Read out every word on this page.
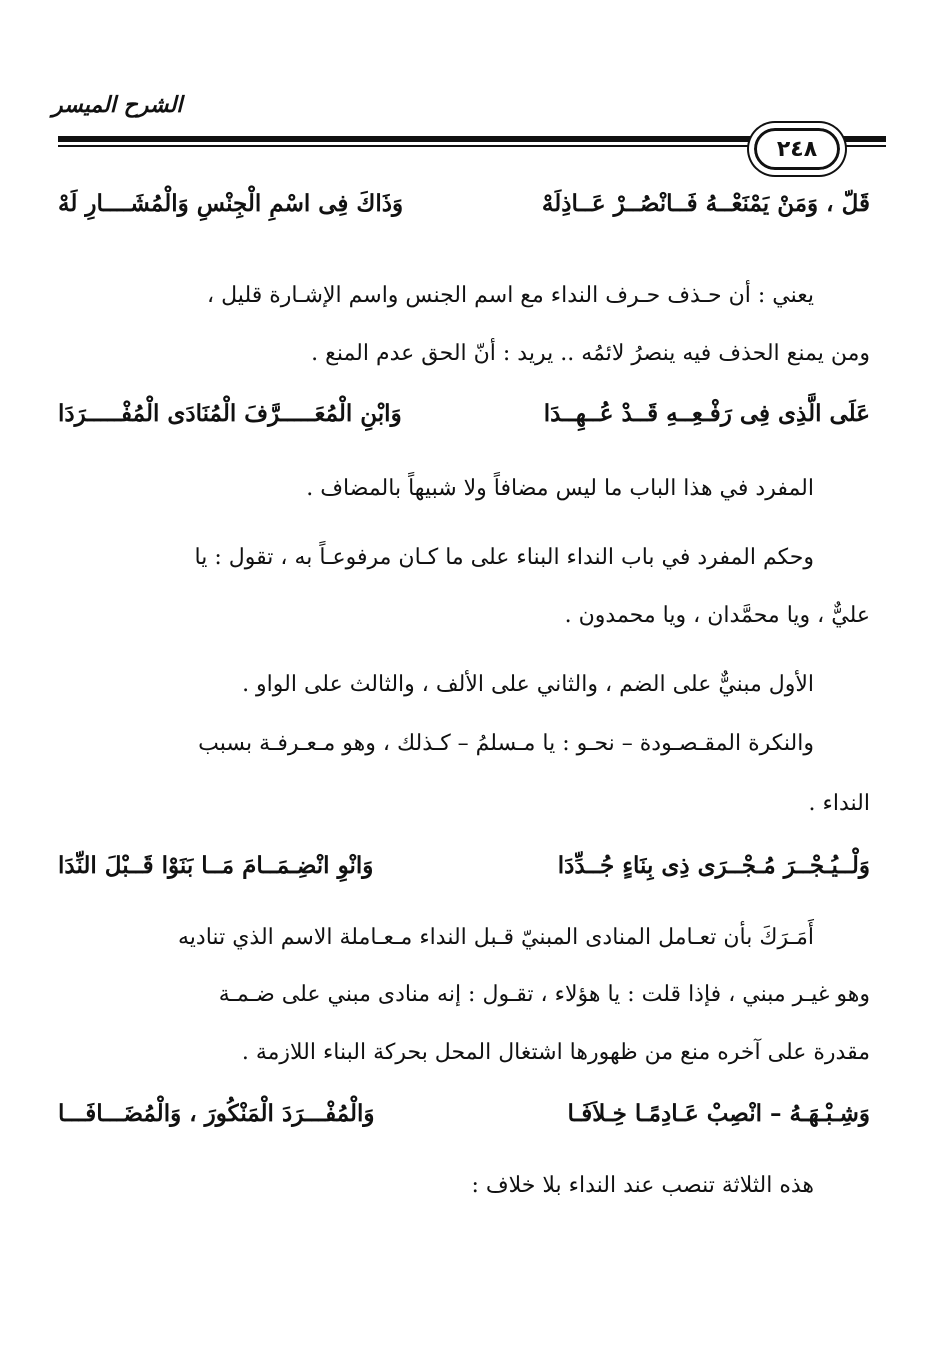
الشرح الميسر
٢٤٨
وَذَاكَ فِى اسْمِ الْجِنْسِ وَالْمُشَــــارِ لَهْ	قَلّ ، وَمَنْ يَمْنَعْــهُ فَــانْصُــرْ عَــاذِلَهْ
يعني : أن حـذف حـرف النداء مع اسم الجنس واسم الإشـارة قليل ،
ومن يمنع الحذف فيه ينصرُ لائمُه .. يريد : أنّ الحق عدم المنع .
وَابْنِ الْمُعَـــــرَّفَ الْمُنَادَى الْمُفْـــــرَدَا	عَلَى الَّذِى فِى رَفْـعِــهِ قَــدْ عُــهِــدَا
المفرد في هذا الباب ما ليس مضافاً ولا شبيهاً بالمضاف .
وحكم المفرد في باب النداء البناء على ما كـان مرفوعـاً به ، تقول : يا
عليٌّ ، ويا محمَّدان ، ويا محمدون .
الأول مبنيٌّ على الضم ، والثاني على الألف ، والثالث على الواو .
والنكرة المقـصـودة – نحـو : يا مـسلمُ – كـذلك ، وهو مـعـرفـة بسبب
النداء .
وَانْوِ انْضِـمَــامَ مَــا بَنَوْا قَــبْلَ النِّدَا	وَلْــيُـجْــرَ مُـجْــرَى ذِى بِنَاءٍ جُــدِّدَا
أَمَـرَكَ بأن تعـامل المنادى المبنيّ قـبل النداء مـعـاملة الاسم الذي تناديه
وهو غيـر مبني ، فإذا قلت : يا هؤلاء ، تقـول : إنه منادى مبني على ضـمـة
مقدرة على آخره منع من ظهورها اشتغال المحل بحركة البناء اللازمة .
وَالْمُفْـــرَدَ الْمَنْكُورَ ، وَالْمُضَـــافَـــا	وَشِـبْـهَـهُ – انْصِبْ عَـادِمًـا خِـلاَفَـا
هذه الثلاثة تنصب عند النداء بلا خلاف :
